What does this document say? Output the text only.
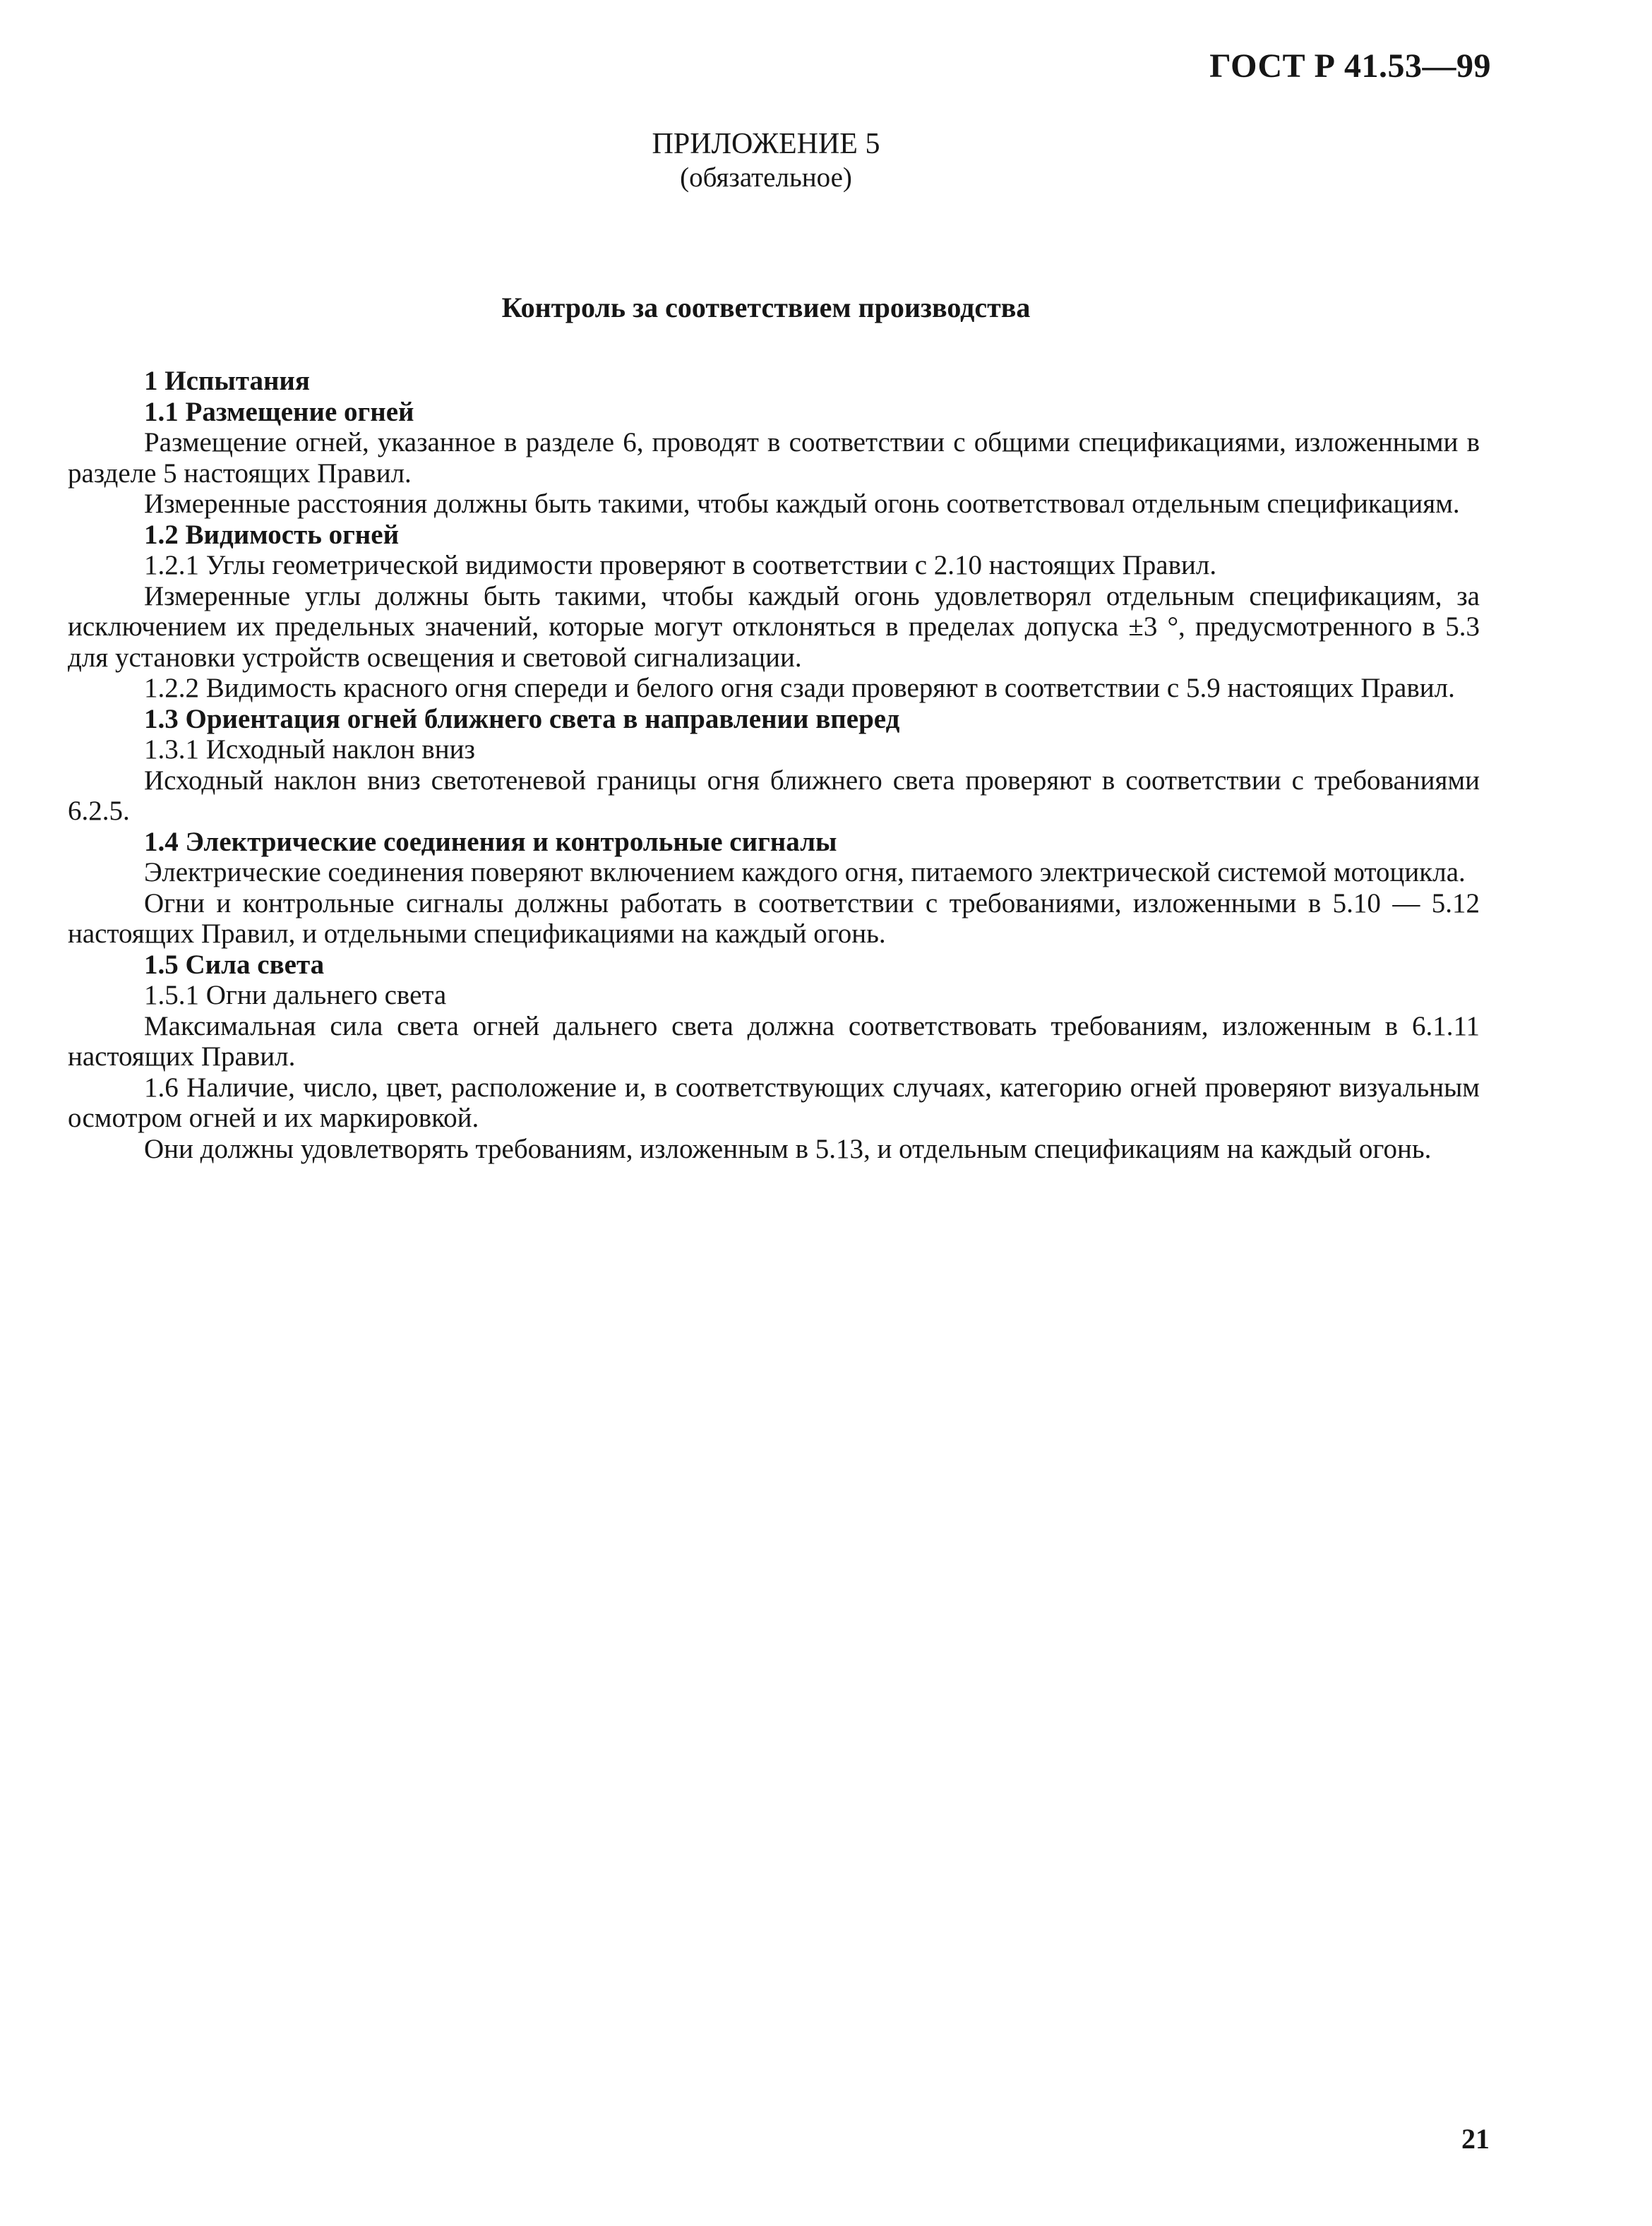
ГОСТ Р 41.53—99
ПРИЛОЖЕНИЕ 5
(обязательное)
Контроль за соответствием производства

1 Испытания

1.1 Размещение огней

Размещение огней, указанное в разделе 6, проводят в соответствии с общими спецификациями, изложенными в разделе 5 настоящих Правил.

Измеренные расстояния должны быть такими, чтобы каждый огонь соответствовал отдельным спецификациям.

1.2 Видимость огней

1.2.1 Углы геометрической видимости проверяют в соответствии с 2.10 настоящих Правил.

Измеренные углы должны быть такими, чтобы каждый огонь удовлетворял отдельным спецификациям, за исключением их предельных значений, которые могут отклоняться в пределах допуска ±3 °, предусмотренного в 5.3 для установки устройств освещения и световой сигнализации.

1.2.2 Видимость красного огня спереди и белого огня сзади проверяют в соответствии с 5.9 настоящих Правил.

1.3 Ориентация огней ближнего света в направлении вперед

1.3.1 Исходный наклон вниз

Исходный наклон вниз светотеневой границы огня ближнего света проверяют в соответствии с требованиями 6.2.5.

1.4 Электрические соединения и контрольные сигналы

Электрические соединения поверяют включением каждого огня, питаемого электрической системой мотоцикла.

Огни и контрольные сигналы должны работать в соответствии с требованиями, изложенными в 5.10 — 5.12 настоящих Правил, и отдельными спецификациями на каждый огонь.

1.5 Сила света

1.5.1 Огни дальнего света

Максимальная сила света огней дальнего света должна соответствовать требованиям, изложенным в 6.1.11 настоящих Правил.

1.6 Наличие, число, цвет, расположение и, в соответствующих случаях, категорию огней проверяют визуальным осмотром огней и их маркировкой.

Они должны удовлетворять требованиям, изложенным в 5.13, и отдельным спецификациям на каждый огонь.

21
